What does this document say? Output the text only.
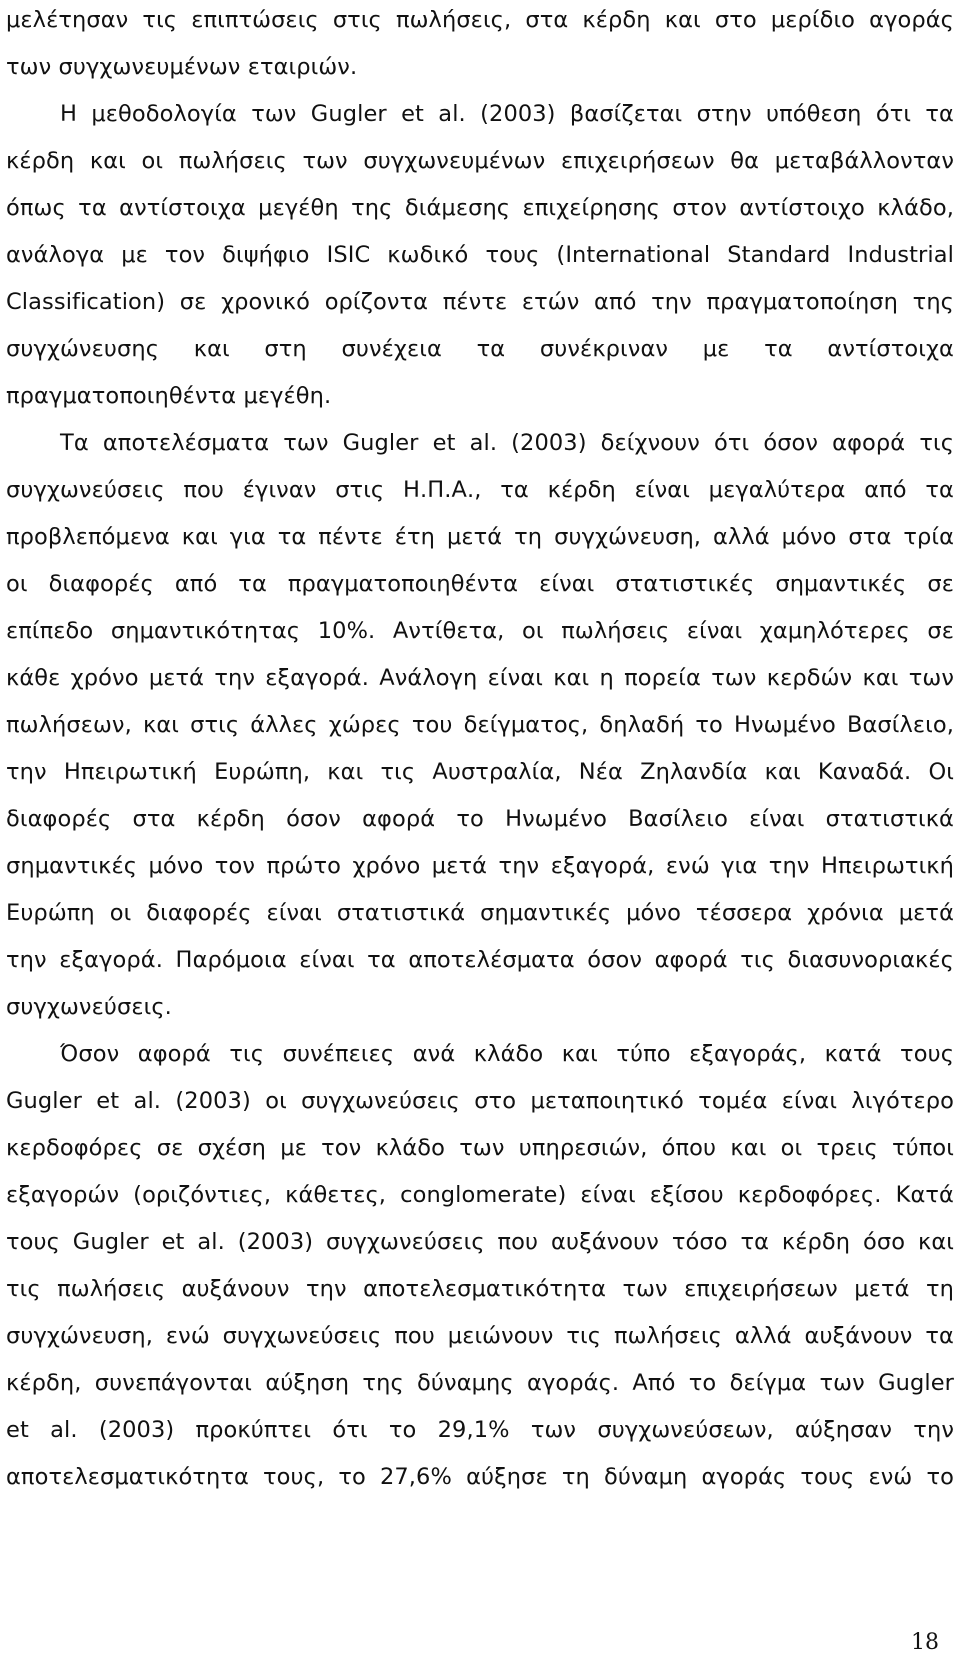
μελέτησαν τις επιπτώσεις στις πωλήσεις, στα κέρδη και στο μερίδιο αγοράς
των συγχωνευμένων εταιριών.
Η μεθοδολογία των Gugler et al. (2003) βασίζεται στην υπόθεση ότι τα
κέρδη και οι πωλήσεις των συγχωνευμένων επιχειρήσεων θα μεταβάλλονταν
όπως τα αντίστοιχα μεγέθη της διάμεσης επιχείρησης στον αντίστοιχο κλάδο,
ανάλογα με τον διψήφιο ISIC κωδικό τους (International Standard Industrial
Classification) σε χρονικό ορίζοντα πέντε ετών από την πραγματοποίηση της
συγχώνευσης και στη συνέχεια τα συνέκριναν με τα αντίστοιχα
πραγματοποιηθέντα μεγέθη.
Τα αποτελέσματα των Gugler et al. (2003) δείχνουν ότι όσον αφορά τις
συγχωνεύσεις που έγιναν στις Η.Π.Α., τα κέρδη είναι μεγαλύτερα από τα
προβλεπόμενα και για τα πέντε έτη μετά τη συγχώνευση, αλλά μόνο στα τρία
οι διαφορές από τα πραγματοποιηθέντα είναι στατιστικές σημαντικές σε
επίπεδο σημαντικότητας 10%. Αντίθετα, οι πωλήσεις είναι χαμηλότερες σε
κάθε χρόνο μετά την εξαγορά. Ανάλογη είναι και η πορεία των κερδών και των
πωλήσεων, και στις άλλες χώρες του δείγματος, δηλαδή το Ηνωμένο Βασίλειο,
την Ηπειρωτική Ευρώπη, και τις Αυστραλία, Νέα Ζηλανδία και Καναδά. Οι
διαφορές στα κέρδη όσον αφορά το Ηνωμένο Βασίλειο είναι στατιστικά
σημαντικές μόνο τον πρώτο χρόνο μετά την εξαγορά, ενώ για την Ηπειρωτική
Ευρώπη οι διαφορές είναι στατιστικά σημαντικές μόνο τέσσερα χρόνια μετά
την εξαγορά. Παρόμοια είναι τα αποτελέσματα όσον αφορά τις διασυνοριακές
συγχωνεύσεις.
Όσον αφορά τις συνέπειες ανά κλάδο και τύπο εξαγοράς, κατά τους
Gugler et al. (2003) οι συγχωνεύσεις στο μεταποιητικό τομέα είναι λιγότερο
κερδοφόρες σε σχέση με τον κλάδο των υπηρεσιών, όπου και οι τρεις τύποι
εξαγορών (οριζόντιες, κάθετες, conglomerate) είναι εξίσου κερδοφόρες. Κατά
τους Gugler et al. (2003) συγχωνεύσεις που αυξάνουν τόσο τα κέρδη όσο και
τις πωλήσεις αυξάνουν την αποτελεσματικότητα των επιχειρήσεων μετά τη
συγχώνευση, ενώ συγχωνεύσεις που μειώνουν τις πωλήσεις αλλά αυξάνουν τα
κέρδη, συνεπάγονται αύξηση της δύναμης αγοράς. Από το δείγμα των Gugler
et al. (2003) προκύπτει ότι το 29,1% των συγχωνεύσεων, αύξησαν την
αποτελεσματικότητα τους, το 27,6% αύξησε τη δύναμη αγοράς τους ενώ το
18
